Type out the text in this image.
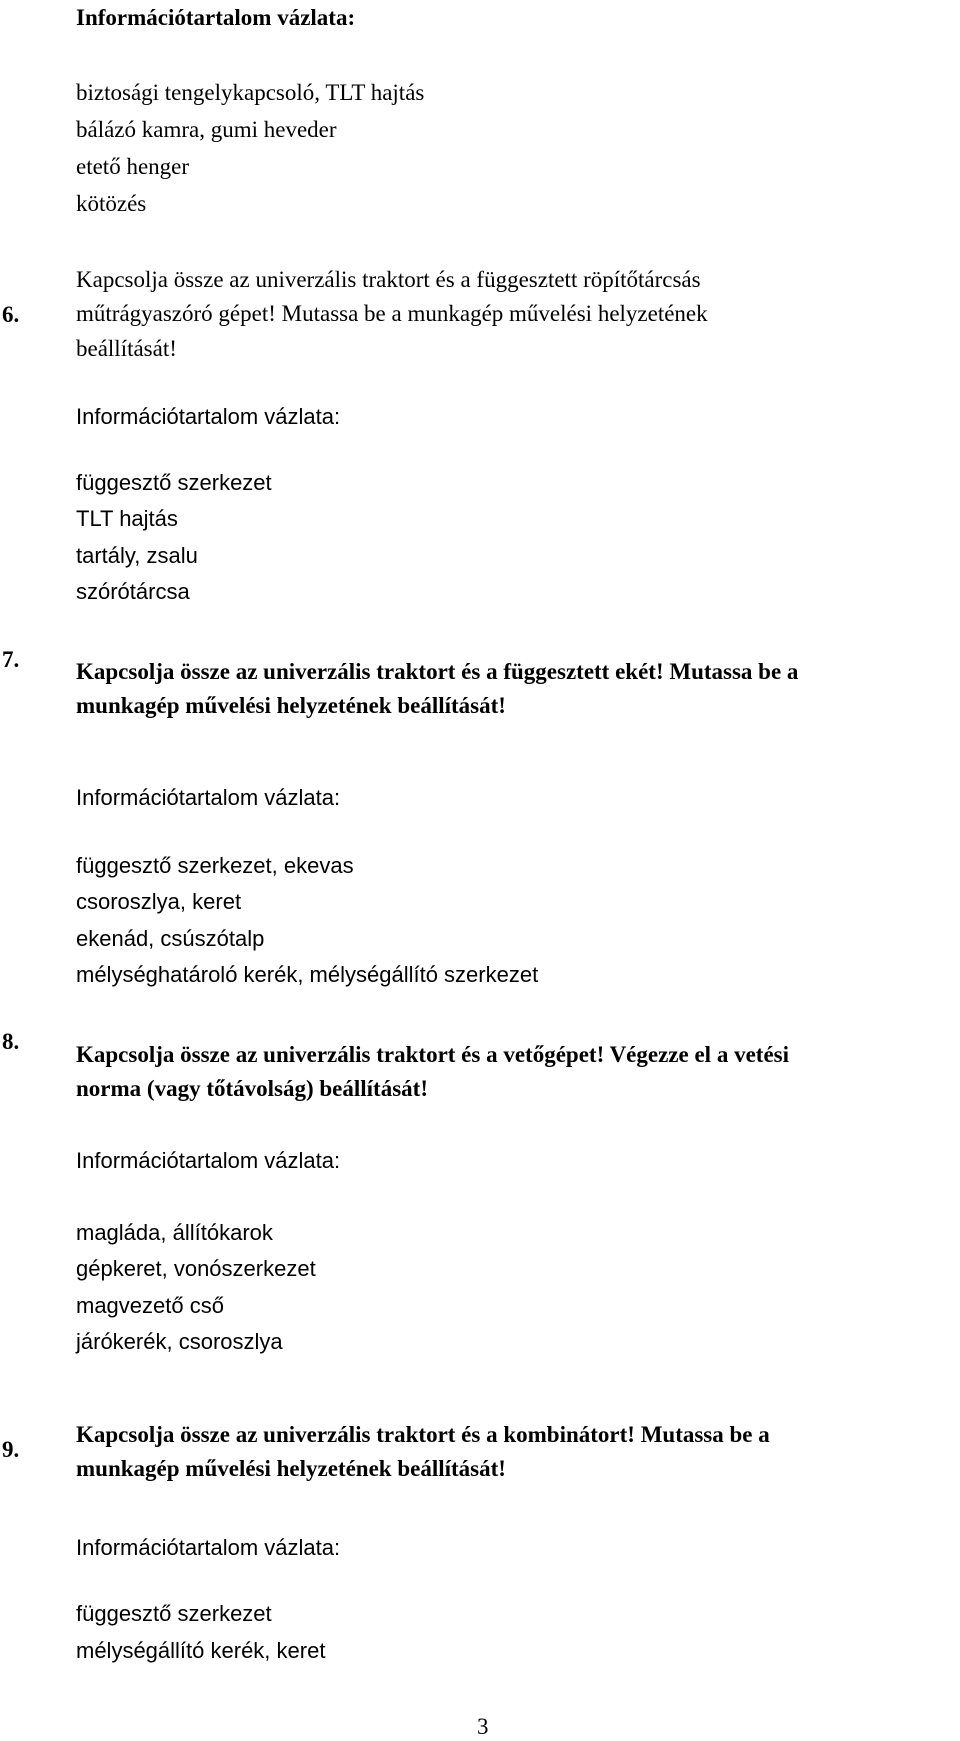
Információtartalom vázlata:
biztosági tengelykapcsoló, TLT hajtás
bálázó kamra, gumi heveder
etető henger
kötözés
6.
Kapcsolja össze az univerzális traktort és a függesztett röpítőtárcsás
műtrágyaszóró gépet! Mutassa be a munkagép művelési helyzetének
beállítását!
Információtartalom vázlata:
függesztő szerkezet
TLT hajtás
tartály, zsalu
szórótárcsa
7. Kapcsolja össze az univerzális traktort és a függesztett ekét! Mutassa be a
munkagép művelési helyzetének beállítását!
Információtartalom vázlata:
függesztő szerkezet, ekevas
csoroszlya, keret
ekenád, csúszótalp
mélységhatároló kerék, mélységállító szerkezet
8.
Kapcsolja össze az univerzális traktort és a vetőgépet! Végezze el a vetési
norma (vagy tőtávolság) beállítását!
Információtartalom vázlata:
magláda, állítókarok
gépkeret, vonószerkezet
magvezető cső
járókerék, csoroszlya
9.
Kapcsolja össze az univerzális traktort és a kombinátort! Mutassa be a
munkagép művelési helyzetének beállítását!
Információtartalom vázlata:
függesztő szerkezet
mélységállító kerék, keret
3
